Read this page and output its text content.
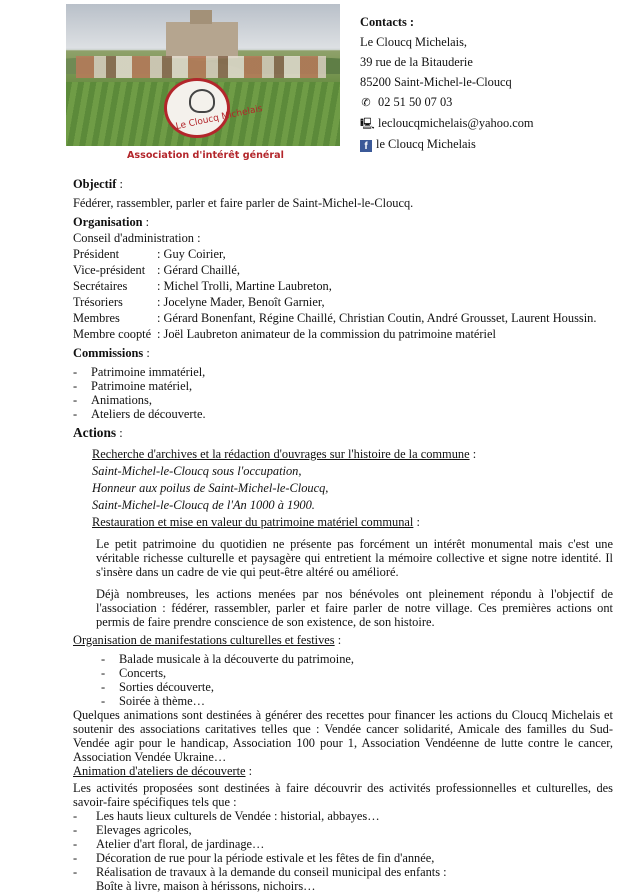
Le Cloucq Michelais
Association d'intérêt général
Contacts :
Le Cloucq Michelais,
39 rue de la Bitauderie
85200 Saint-Michel-le-Cloucq
✆ 02 51 50 07 03
🖳 lecloucqmichelais@yahoo.com
f le Cloucq Michelais
Objectif :
Fédérer, rassembler, parler et faire parler de Saint-Michel-le-Cloucq.
Organisation :
Conseil d'administration :
Président	: Guy Coirier,
Vice-président : Gérard Chaillé,
Secrétaires	: Michel Trolli, Martine Laubreton,
Trésoriers	: Jocelyne Mader, Benoît Garnier,
Membres	: Gérard Bonenfant, Régine Chaillé, Christian Coutin, André Grousset, Laurent Houssin.
Membre coopté : Joël Laubreton animateur de la commission du patrimoine matériel
Commissions :
- Patrimoine immatériel,
- Patrimoine matériel,
- Animations,
- Ateliers de découverte.
Actions :
Recherche d'archives et la rédaction d'ouvrages sur l'histoire de la commune :
Saint-Michel-le-Cloucq sous l'occupation,
Honneur aux poilus de Saint-Michel-le-Cloucq,
Saint-Michel-le-Cloucq de l'An 1000 à 1900.
Restauration et mise en valeur du patrimoine matériel communal :
Le petit patrimoine du quotidien ne présente pas forcément un intérêt monumental mais c'est une véritable richesse culturelle et paysagère qui entretient la mémoire collective et signe notre identité. Il s'insère dans un cadre de vie qui peut-être altéré ou amélioré.
Déjà nombreuses, les actions menées par nos bénévoles ont pleinement répondu à l'objectif de l'association : fédérer, rassembler, parler et faire parler de notre village. Ces premières actions ont permis de faire prendre conscience de son existence, de son histoire.
Organisation de manifestations culturelles et festives :
- Balade musicale à la découverte du patrimoine,
- Concerts,
- Sorties découverte,
- Soirée à thème…
Quelques animations sont destinées à générer des recettes pour financer les actions du Cloucq Michelais et soutenir des associations caritatives telles que : Vendée cancer solidarité, Amicale des familles du Sud-Vendée agir pour le handicap, Association 100 pour 1, Association Vendéenne de lutte contre le cancer, Association Vendée Ukraine…
Animation d'ateliers de découverte :
Les activités proposées sont destinées à faire découvrir des activités professionnelles et culturelles, des savoir-faire spécifiques tels que :
- Les hauts lieux culturels de Vendée : historial, abbayes…
- Elevages agricoles,
- Atelier d'art floral, de jardinage…
- Décoration de rue pour la période estivale et les fêtes de fin d'année,
- Réalisation de travaux à la demande du conseil municipal des enfants :
Boîte à livre, maison à hérissons, nichoirs…
